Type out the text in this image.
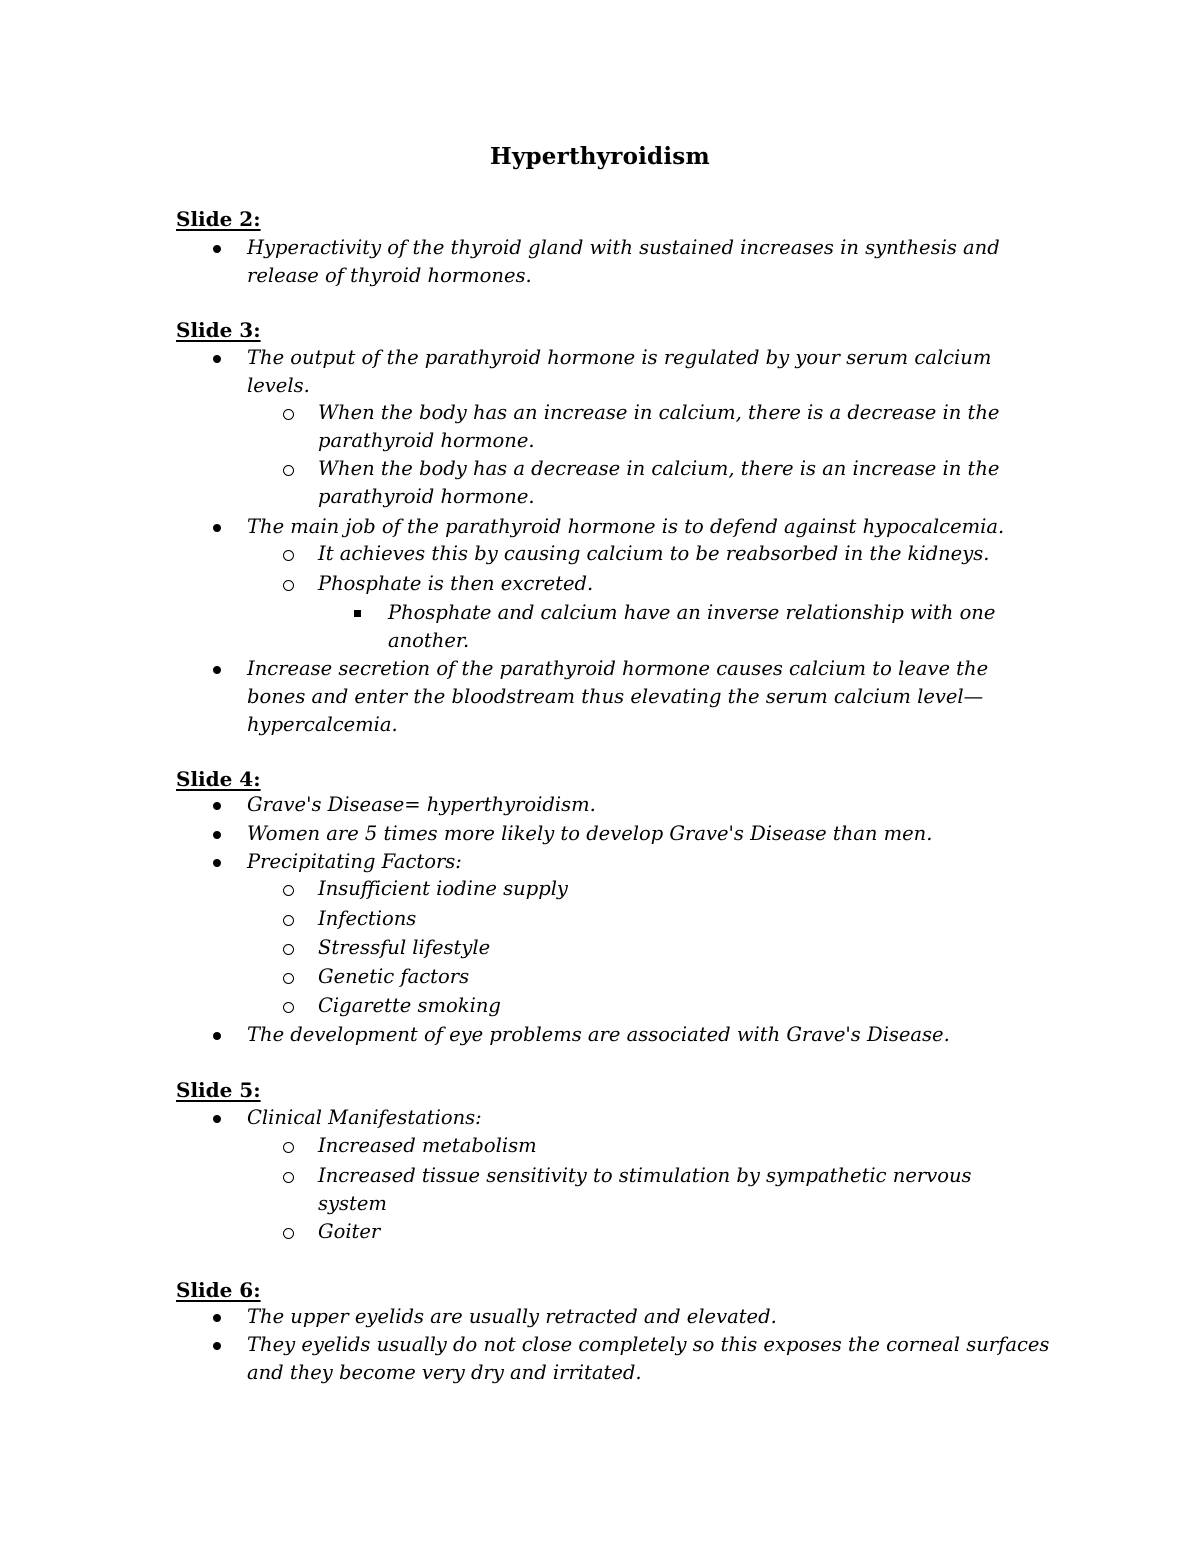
Hyperthyroidism
Slide 2:
Hyperactivity of the thyroid gland with sustained increases in synthesis and
release of thyroid hormones.
Slide 3:
The output of the parathyroid hormone is regulated by your serum calcium
levels.
When the body has an increase in calcium, there is a decrease in the
parathyroid hormone.
When the body has a decrease in calcium, there is an increase in the
parathyroid hormone.
The main job of the parathyroid hormone is to defend against hypocalcemia.
It achieves this by causing calcium to be reabsorbed in the kidneys.
Phosphate is then excreted.
Phosphate and calcium have an inverse relationship with one
another.
Increase secretion of the parathyroid hormone causes calcium to leave the
bones and enter the bloodstream thus elevating the serum calcium level—
hypercalcemia.
Slide 4:
Grave's Disease= hyperthyroidism.
Women are 5 times more likely to develop Grave's Disease than men.
Precipitating Factors:
Insufficient iodine supply
Infections
Stressful lifestyle
Genetic factors
Cigarette smoking
The development of eye problems are associated with Grave's Disease.
Slide 5:
Clinical Manifestations:
Increased metabolism
Increased tissue sensitivity to stimulation by sympathetic nervous
system
Goiter
Slide 6:
The upper eyelids are usually retracted and elevated.
They eyelids usually do not close completely so this exposes the corneal surfaces
and they become very dry and irritated.
